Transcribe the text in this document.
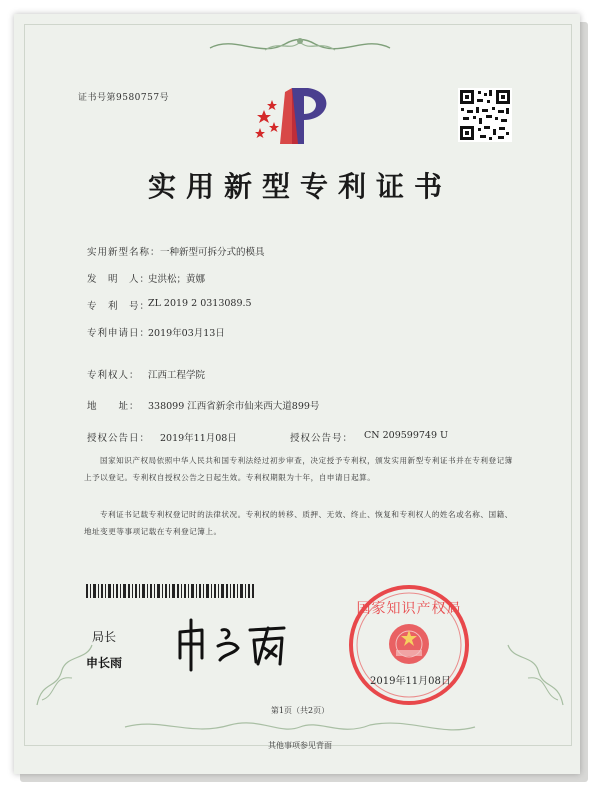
证书号第9580757号
实用新型专利证书
实用新型名称： 一种新型可拆分式的模具
发　明　人：
史洪松；黄娜
专　利　号：
ZL 2019 2 0313089.5
专利申请日：
2019年03月13日
专利权人： 江西工程学院
地　　址： 338099 江西省新余市仙来西大道899号
授权公告日： 2019年11月08日	授权公告号： CN 209599749 U
国家知识产权局依照中华人民共和国专利法经过初步审查，决定授予专利权，颁发实用新型专利证书并在专利登记簿上予以登记。专利权自授权公告之日起生效。专利权期限为十年，自申请日起算。
专利证书记载专利权登记时的法律状况。专利权的转移、质押、无效、终止、恢复和专利权人的姓名或名称、国籍、地址变更等事项记载在专利登记簿上。
局长
申长雨
国家知识产权局
2019年11月08日
第1页（共2页）
其他事项参见背面
